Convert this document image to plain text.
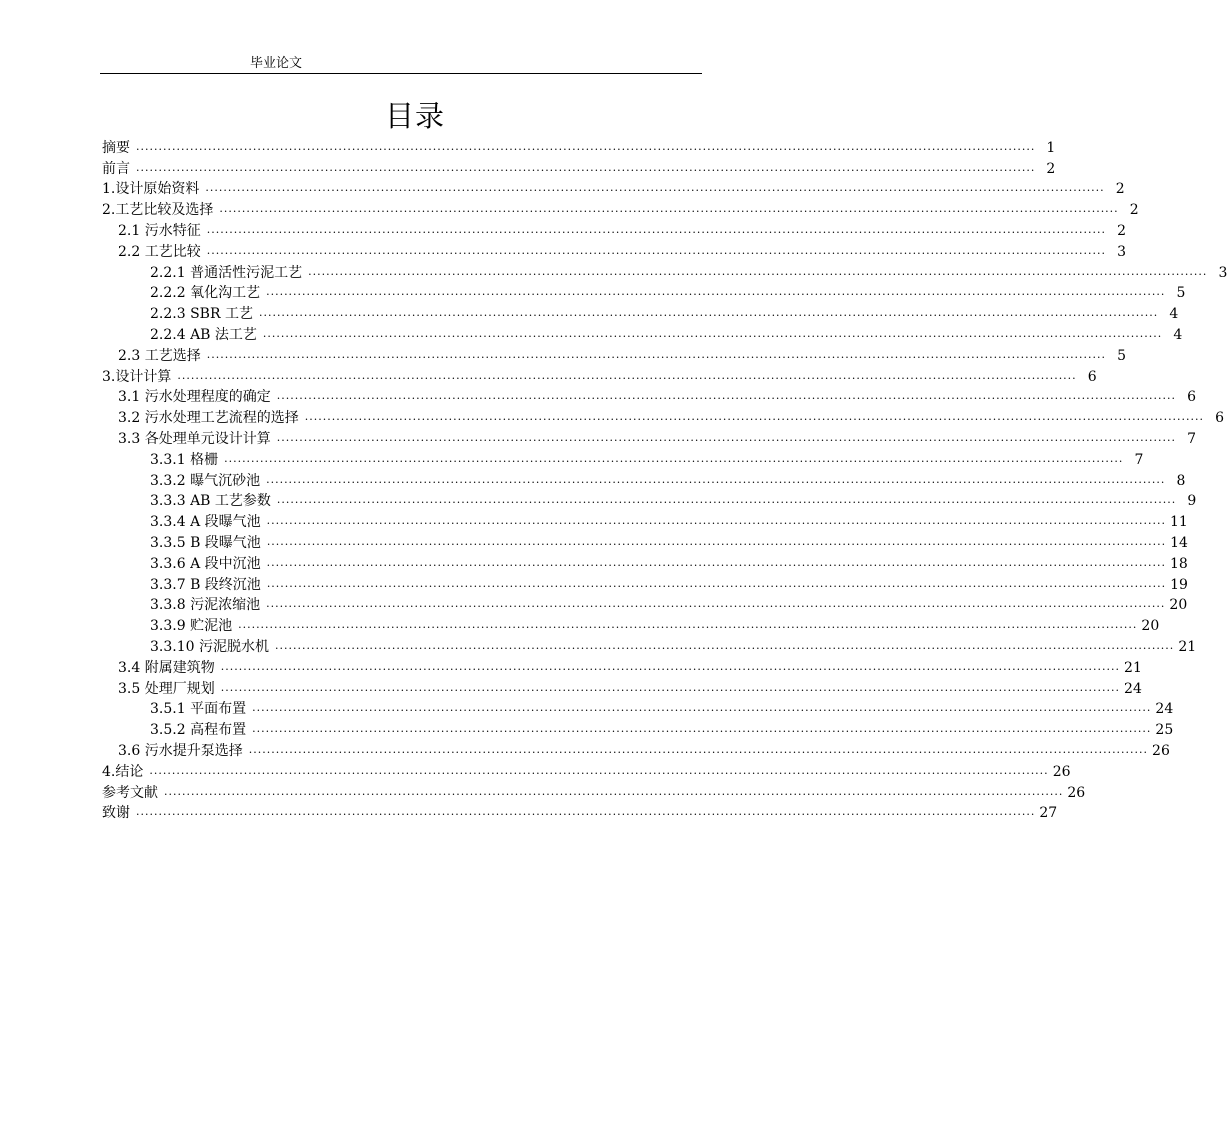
毕业论文
目录
摘要 ········································································································································································································ 1
前言 ········································································································································································································ 2
1.设计原始资料 ········································································································································································································ 2
2.工艺比较及选择 ········································································································································································································ 2
2.1 污水特征 ········································································································································································································ 2
2.2 工艺比较 ········································································································································································································ 3
2.2.1 普通活性污泥工艺 ········································································································································································································ 3
2.2.2 氧化沟工艺 ········································································································································································································ 5
2.2.3 SBR 工艺 ········································································································································································································ 4
2.2.4 AB 法工艺 ········································································································································································································ 4
2.3 工艺选择 ········································································································································································································ 5
3.设计计算 ········································································································································································································ 6
3.1 污水处理程度的确定 ········································································································································································································ 6
3.2 污水处理工艺流程的选择 ········································································································································································································ 6
3.3 各处理单元设计计算 ········································································································································································································ 7
3.3.1 格栅 ········································································································································································································ 7
3.3.2 曝气沉砂池 ········································································································································································································ 8
3.3.3 AB 工艺参数 ········································································································································································································ 9
3.3.4 A 段曝气池 ········································································································································································································ 11
3.3.5 B 段曝气池 ········································································································································································································ 14
3.3.6 A 段中沉池 ········································································································································································································ 18
3.3.7 B 段终沉池 ········································································································································································································ 19
3.3.8 污泥浓缩池 ········································································································································································································ 20
3.3.9 贮泥池 ········································································································································································································ 20
3.3.10 污泥脱水机 ········································································································································································································ 21
3.4 附属建筑物 ········································································································································································································ 21
3.5 处理厂规划 ········································································································································································································ 24
3.5.1 平面布置 ········································································································································································································ 24
3.5.2 高程布置 ········································································································································································································ 25
3.6 污水提升泵选择 ········································································································································································································ 26
4.结论 ········································································································································································································ 26
参考文献 ········································································································································································································ 26
致谢 ········································································································································································································ 27
